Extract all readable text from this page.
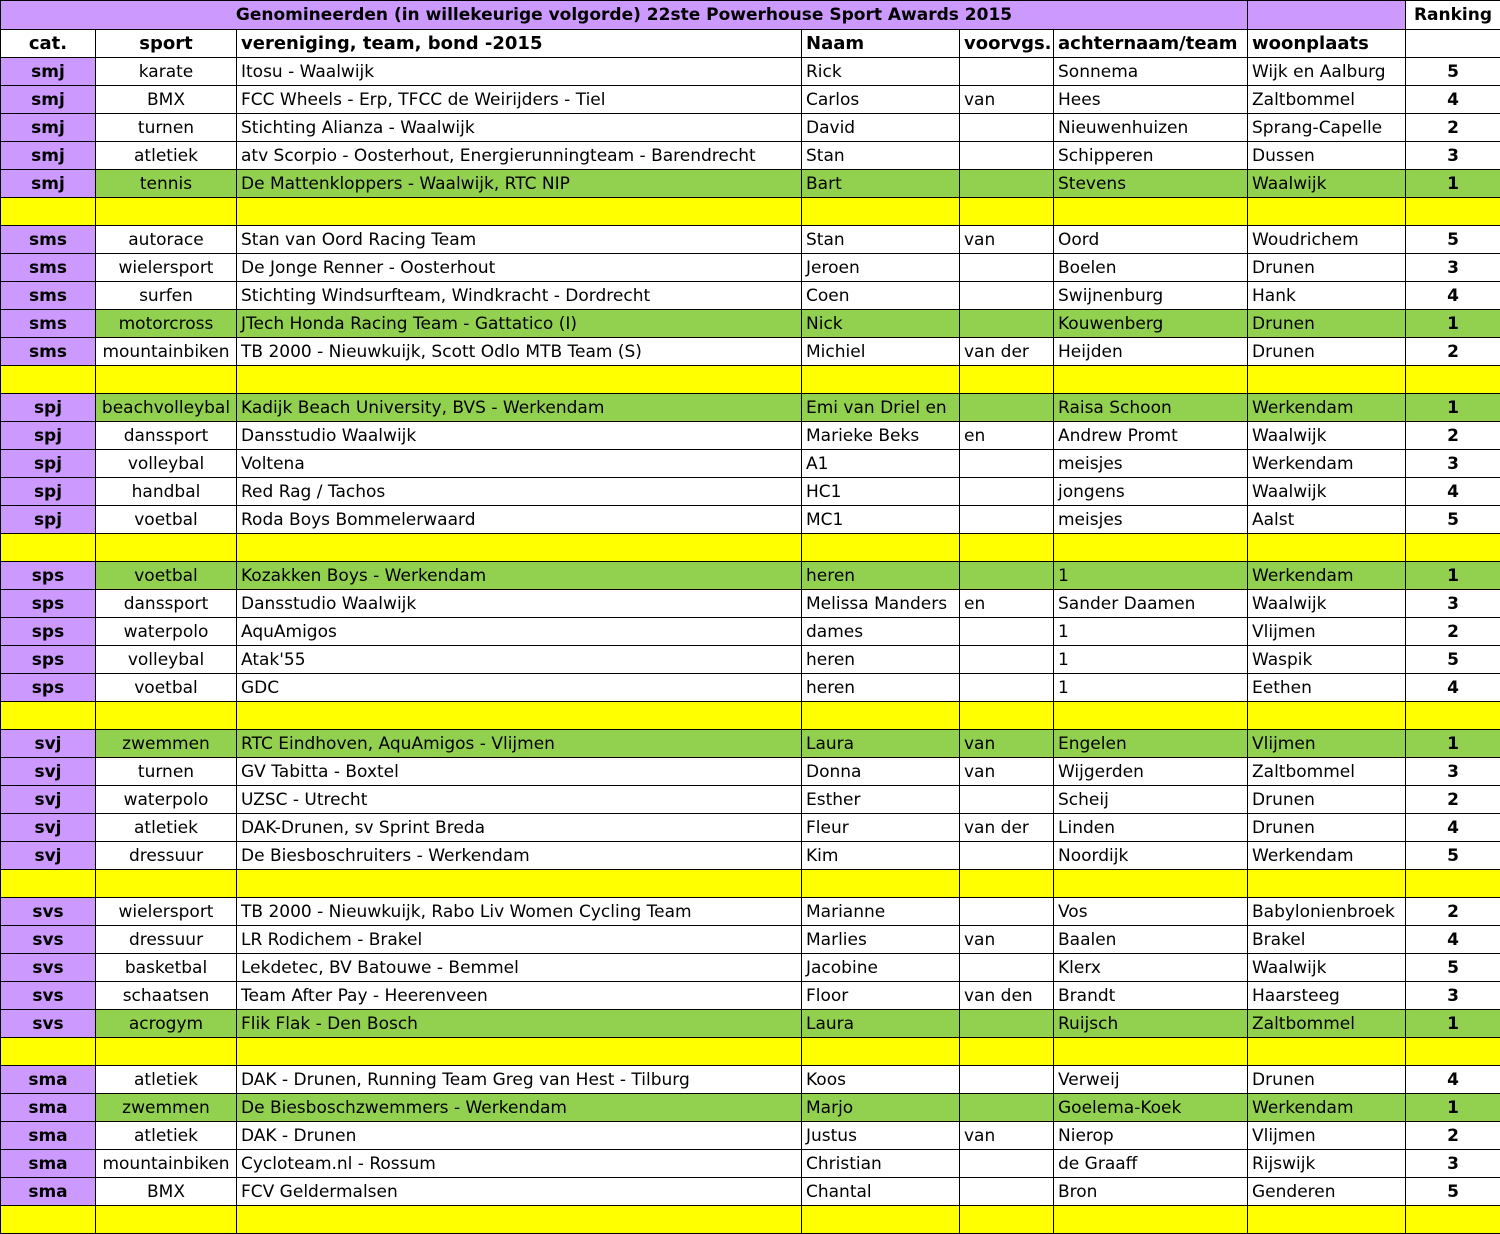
Genomineerden (in willekeurige volgorde) 22ste Powerhouse Sport Awards 2015							Ranking
cat.	sport	vereniging, team, bond -2015	Naam	voorvgs.	achternaam/team	woonplaats	
smj	karate	Itosu - Waalwijk	Rick		Sonnema	Wijk en Aalburg	5
smj	BMX	FCC Wheels - Erp, TFCC de Weirijders - Tiel	Carlos	van	Hees	Zaltbommel	4
smj	turnen	Stichting Alianza - Waalwijk	David		Nieuwenhuizen	Sprang-Capelle	2
smj	atletiek	atv Scorpio - Oosterhout, Energierunningteam - Barendrecht	Stan		Schipperen	Dussen	3
smj	tennis	De Mattenkloppers - Waalwijk, RTC NIP	Bart		Stevens	Waalwijk	1

sms	autorace	Stan van Oord Racing Team	Stan	van	Oord	Woudrichem	5
sms	wielersport	De Jonge Renner - Oosterhout	Jeroen		Boelen	Drunen	3
sms	surfen	Stichting Windsurfteam, Windkracht - Dordrecht	Coen		Swijnenburg	Hank	4
sms	motorcross	JTech Honda Racing Team - Gattatico (I)	Nick		Kouwenberg	Drunen	1
sms	mountainbiken	TB 2000 - Nieuwkuijk, Scott Odlo MTB Team (S)	Michiel	van der	Heijden	Drunen	2

spj	beachvolleybal	Kadijk Beach University, BVS - Werkendam	Emi van Driel en		Raisa Schoon	Werkendam	1
spj	danssport	Dansstudio Waalwijk	Marieke Beks	en	Andrew Promt	Waalwijk	2
spj	volleybal	Voltena	A1		meisjes	Werkendam	3
spj	handbal	Red Rag / Tachos	HC1		jongens	Waalwijk	4
spj	voetbal	Roda Boys Bommelerwaard	MC1		meisjes	Aalst	5

sps	voetbal	Kozakken Boys - Werkendam	heren		1	Werkendam	1
sps	danssport	Dansstudio Waalwijk	Melissa Manders	en	Sander Daamen	Waalwijk	3
sps	waterpolo	AquAmigos	dames		1	Vlijmen	2
sps	volleybal	Atak'55	heren		1	Waspik	5
sps	voetbal	GDC	heren		1	Eethen	4

svj	zwemmen	RTC Eindhoven, AquAmigos - Vlijmen	Laura	van	Engelen	Vlijmen	1
svj	turnen	GV Tabitta - Boxtel	Donna	van	Wijgerden	Zaltbommel	3
svj	waterpolo	UZSC - Utrecht	Esther		Scheij	Drunen	2
svj	atletiek	DAK-Drunen, sv Sprint Breda	Fleur	van der	Linden	Drunen	4
svj	dressuur	De Biesboschruiters - Werkendam	Kim		Noordijk	Werkendam	5

svs	wielersport	TB 2000 - Nieuwkuijk, Rabo Liv Women Cycling Team	Marianne		Vos	Babylonienbroek	2
svs	dressuur	LR Rodichem - Brakel	Marlies	van	Baalen	Brakel	4
svs	basketbal	Lekdetec, BV Batouwe - Bemmel	Jacobine		Klerx	Waalwijk	5
svs	schaatsen	Team After Pay - Heerenveen	Floor	van den	Brandt	Haarsteeg	3
svs	acrogym	Flik Flak - Den Bosch	Laura		Ruijsch	Zaltbommel	1

sma	atletiek	DAK - Drunen, Running Team Greg van Hest - Tilburg	Koos		Verweij	Drunen	4
sma	zwemmen	De Biesboschzwemmers - Werkendam	Marjo		Goelema-Koek	Werkendam	1
sma	atletiek	DAK - Drunen	Justus	van	Nierop	Vlijmen	2
sma	mountainbiken	Cycloteam.nl - Rossum	Christian		de Graaff	Rijswijk	3
sma	BMX	FCV Geldermalsen	Chantal		Bron	Genderen	5
